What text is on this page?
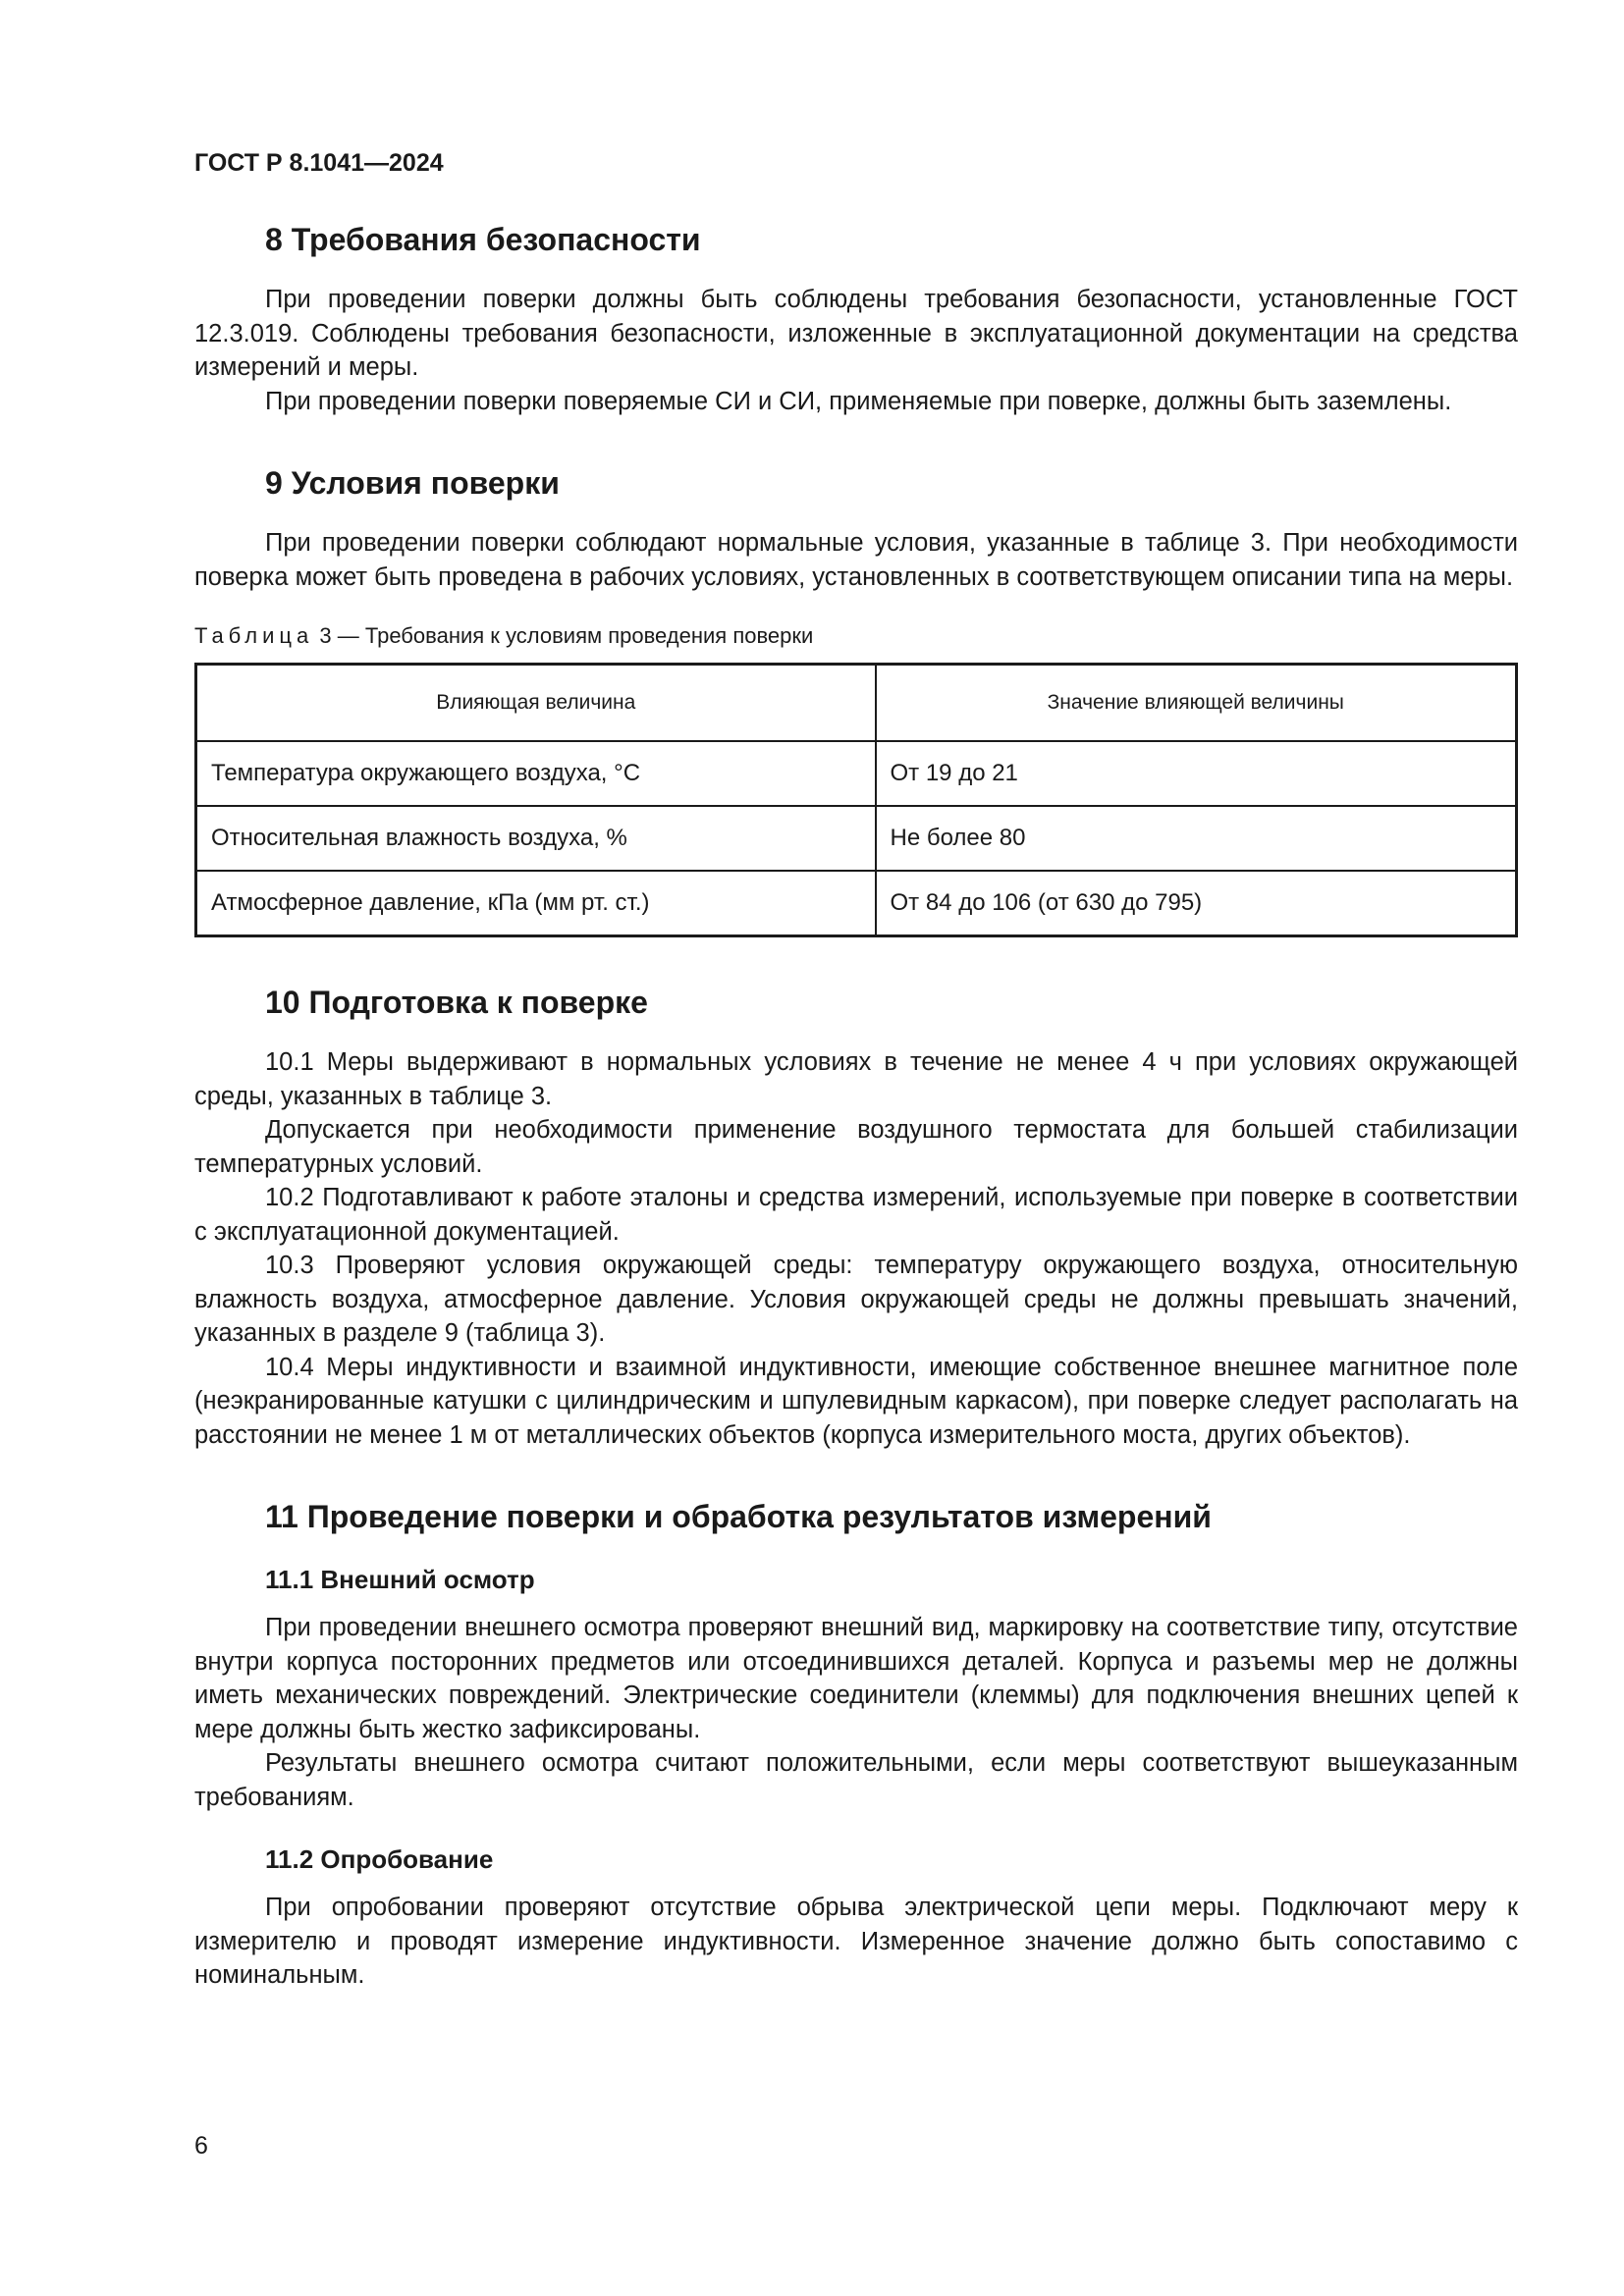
ГОСТ Р 8.1041—2024
8 Требования безопасности

При проведении поверки должны быть соблюдены требования безопасности, установленные ГОСТ 12.3.019. Соблюдены требования безопасности, изложенные в эксплуатационной документации на средства измерений и меры.

При проведении поверки поверяемые СИ и СИ, применяемые при поверке, должны быть заземлены.

9 Условия поверки

При проведении поверки соблюдают нормальные условия, указанные в таблице 3. При необходимости поверка может быть проведена в рабочих условиях, установленных в соответствующем описании типа на меры.

Таблица 3 — Требования к условиям проведения поверки
Влияющая величина	Значение влияющей величины
Температура окружающего воздуха, °С	От 19 до 21
Относительная влажность воздуха, %	Не более 80
Атмосферное давление, кПа (мм рт. ст.)	От 84 до 106 (от 630 до 795)
10 Подготовка к поверке

10.1 Меры выдерживают в нормальных условиях в течение не менее 4 ч при условиях окружающей среды, указанных в таблице 3.

Допускается при необходимости применение воздушного термостата для большей стабилизации температурных условий.

10.2 Подготавливают к работе эталоны и средства измерений, используемые при поверке в соответствии с эксплуатационной документацией.

10.3 Проверяют условия окружающей среды: температуру окружающего воздуха, относительную влажность воздуха, атмосферное давление. Условия окружающей среды не должны превышать значений, указанных в разделе 9 (таблица 3).

10.4 Меры индуктивности и взаимной индуктивности, имеющие собственное внешнее магнитное поле (неэкранированные катушки с цилиндрическим и шпулевидным каркасом), при поверке следует располагать на расстоянии не менее 1 м от металлических объектов (корпуса измерительного моста, других объектов).

11 Проведение поверки и обработка результатов измерений
11.1 Внешний осмотр

При проведении внешнего осмотра проверяют внешний вид, маркировку на соответствие типу, отсутствие внутри корпуса посторонних предметов или отсоединившихся деталей. Корпуса и разъемы мер не должны иметь механических повреждений. Электрические соединители (клеммы) для подключения внешних цепей к мере должны быть жестко зафиксированы.

Результаты внешнего осмотра считают положительными, если меры соответствуют вышеуказанным требованиям.

11.2 Опробование

При опробовании проверяют отсутствие обрыва электрической цепи меры. Подключают меру к измерителю и проводят измерение индуктивности. Измеренное значение должно быть сопоставимо с номинальным.

6
